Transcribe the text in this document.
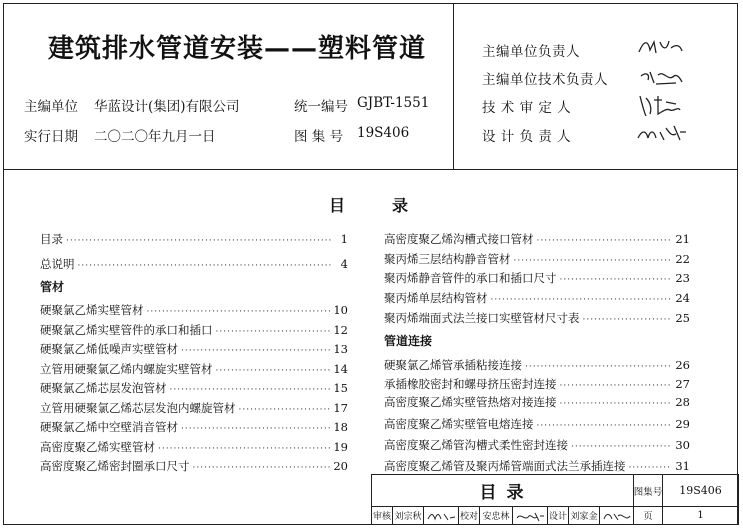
建筑排水管道安装——塑料管道
主编单位 华蓝设计(集团)有限公司	统一编号 GJBT-1551
实行日期 二〇二〇年九月一日	图 集 号 19S406
主编单位负责人
主编单位技术负责人
技 术 审 定 人
设 计 负 责 人
目	录
目录 ·····	1
总说明 ·····	4
管材
硬聚氯乙烯实壁管材 ·····	10
硬聚氯乙烯实壁管件的承口和插口 ·····	12
硬聚氯乙烯低噪声实壁管材 ·····	13
立管用硬聚氯乙烯内螺旋实壁管材 ·····	14
硬聚氯乙烯芯层发泡管材 ·····	15
立管用硬聚氯乙烯芯层发泡内螺旋管材 ·····	17
硬聚氯乙烯中空壁消音管材 ·····	18
高密度聚乙烯实壁管材 ·····	19
高密度聚乙烯密封圈承口尺寸 ·····	20
高密度聚乙烯沟槽式接口管材 ·····	21
聚丙烯三层结构静音管材 ·····	22
聚丙烯静音管件的承口和插口尺寸 ·····	23
聚丙烯单层结构管材 ·····	24
聚丙烯端面式法兰接口实壁管材尺寸表 ·····	25
管道连接
硬聚氯乙烯管承插粘接连接 ·····	26
承插橡胶密封和螺母挤压密封连接 ·····	27
高密度聚乙烯实壁管热熔对接连接 ·····	28
高密度聚乙烯实壁管电熔连接 ·····	29
高密度聚乙烯管沟槽式柔性密封连接 ·····	30
高密度聚乙烯管及聚丙烯管端面式法兰承插连接 ·····	31
目 录	图集号	19S406
审核 刘宗秋	校对 安忠林	设计 刘家金	页	1
